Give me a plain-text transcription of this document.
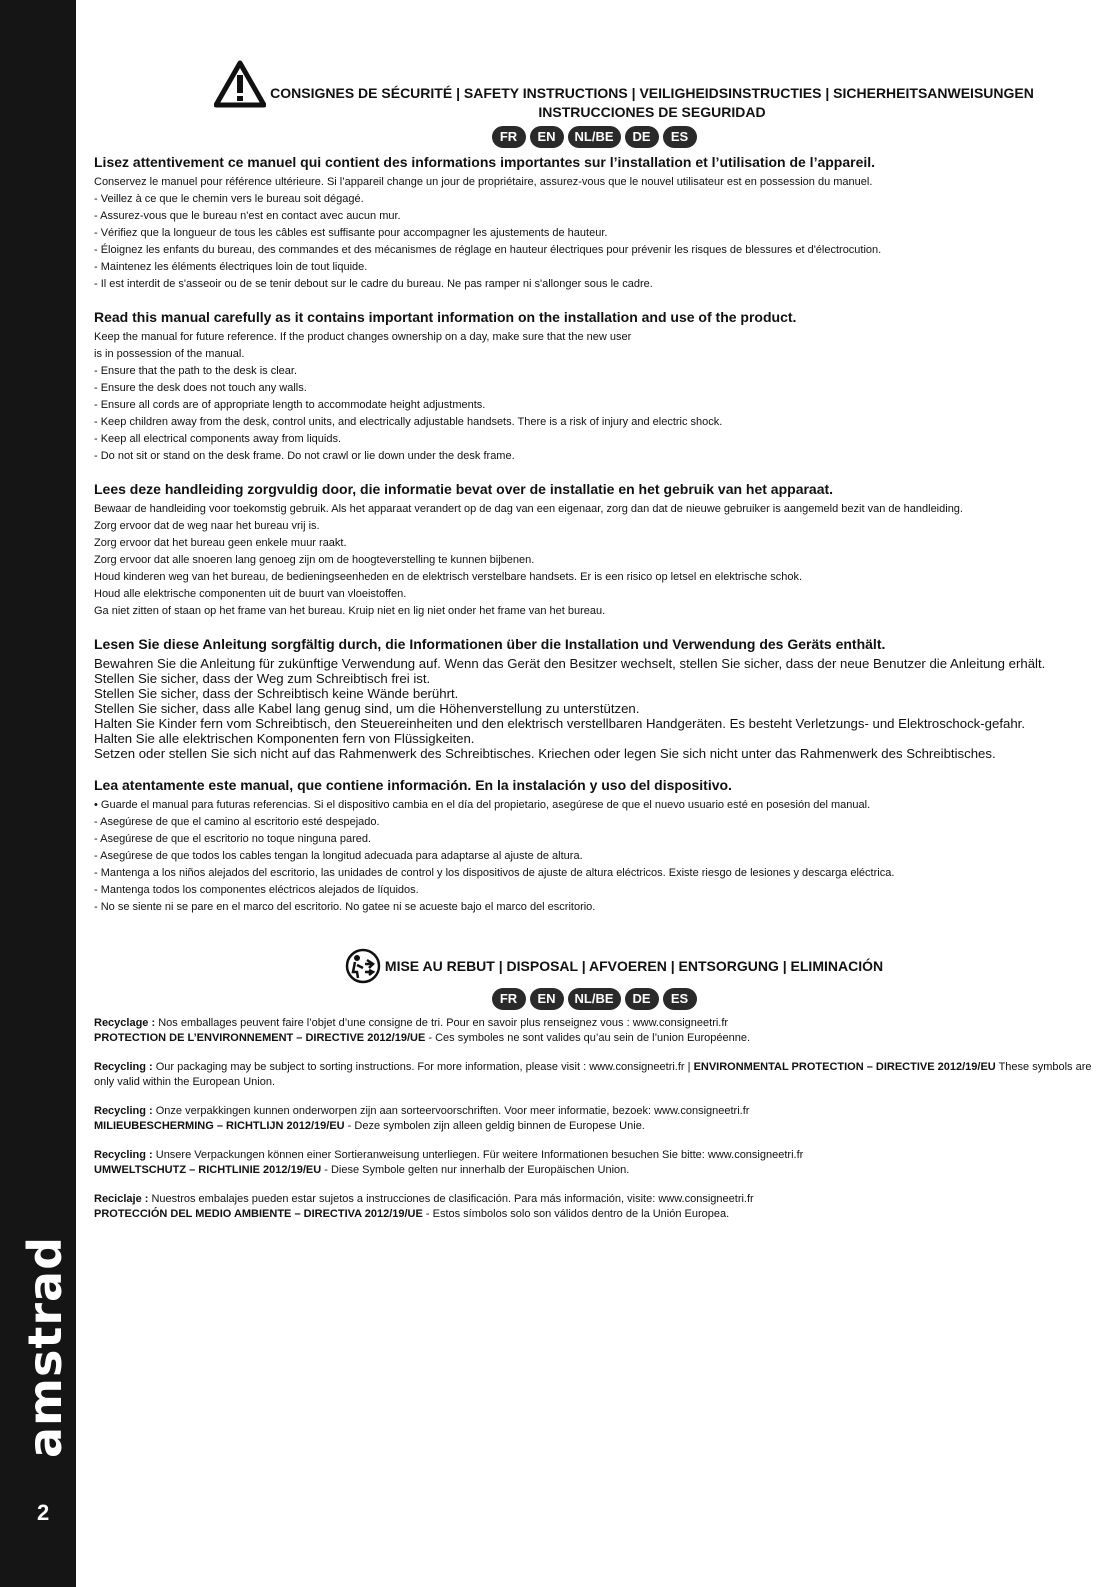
amstrad
2
CONSIGNES DE SÉCURITÉ | SAFETY INSTRUCTIONS | VEILIGHEIDSINSTRUCTIES | SICHERHEITSANWEISUNGEN
INSTRUCCIONES DE SEGURIDAD
FR	EN	NL/BE	DE	ES
Lisez attentivement ce manuel qui contient des informations importantes sur l’installation et l’utilisation de l’appareil.
Conservez le manuel pour référence ultérieure. Si l’appareil change un jour de propriétaire, assurez-vous que le nouvel utilisateur est en possession du manuel.
- Veillez à ce que le chemin vers le bureau soit dégagé.
- Assurez-vous que le bureau n'est en contact avec aucun mur.
- Vérifiez que la longueur de tous les câbles est suffisante pour accompagner les ajustements de hauteur.
- Éloignez les enfants du bureau, des commandes et des mécanismes de réglage en hauteur électriques pour prévenir les risques de blessures et d'électrocution.
- Maintenez les éléments électriques loin de tout liquide.
- Il est interdit de s'asseoir ou de se tenir debout sur le cadre du bureau. Ne pas ramper ni s'allonger sous le cadre.
Read this manual carefully as it contains important information on the installation and use of the product.
Keep the manual for future reference. If the product changes ownership on a day, make sure that the new user
is in possession of the manual.
- Ensure that the path to the desk is clear.
- Ensure the desk does not touch any walls.
- Ensure all cords are of appropriate length to accommodate height adjustments.
- Keep children away from the desk, control units, and electrically adjustable handsets. There is a risk of injury and electric shock.
- Keep all electrical components away from liquids.
- Do not sit or stand on the desk frame. Do not crawl or lie down under the desk frame.
Lees deze handleiding zorgvuldig door, die informatie bevat over de installatie en het gebruik van het apparaat.
Bewaar de handleiding voor toekomstig gebruik. Als het apparaat verandert op de dag van een eigenaar, zorg dan dat de nieuwe gebruiker is aangemeld bezit van de handleiding.
Zorg ervoor dat de weg naar het bureau vrij is.
Zorg ervoor dat het bureau geen enkele muur raakt.
Zorg ervoor dat alle snoeren lang genoeg zijn om de hoogteverstelling te kunnen bijbenen.
Houd kinderen weg van het bureau, de bedieningseenheden en de elektrisch verstelbare handsets. Er is een risico op letsel en elektrische schok.
Houd alle elektrische componenten uit de buurt van vloeistoffen.
Ga niet zitten of staan op het frame van het bureau. Kruip niet en lig niet onder het frame van het bureau.
Lesen Sie diese Anleitung sorgfältig durch, die Informationen über die Installation und Verwendung des Geräts enthält.
Bewahren Sie die Anleitung für zukünftige Verwendung auf. Wenn das Gerät den Besitzer wechselt, stellen Sie sicher, dass der neue Benutzer die Anleitung erhält.
Stellen Sie sicher, dass der Weg zum Schreibtisch frei ist.
Stellen Sie sicher, dass der Schreibtisch keine Wände berührt.
Stellen Sie sicher, dass alle Kabel lang genug sind, um die Höhenverstellung zu unterstützen.
Halten Sie Kinder fern vom Schreibtisch, den Steuereinheiten und den elektrisch verstellbaren Handgeräten. Es besteht Verletzungs- und Elektroschock-gefahr.
Halten Sie alle elektrischen Komponenten fern von Flüssigkeiten.
Setzen oder stellen Sie sich nicht auf das Rahmenwerk des Schreibtisches. Kriechen oder legen Sie sich nicht unter das Rahmenwerk des Schreibtisches.
Lea atentamente este manual, que contiene información. En la instalación y uso del dispositivo.
• Guarde el manual para futuras referencias. Si el dispositivo cambia en el día del propietario, asegúrese de que el nuevo usuario esté en posesión del manual.
- Asegúrese de que el camino al escritorio esté despejado.
- Asegúrese de que el escritorio no toque ninguna pared.
- Asegúrese de que todos los cables tengan la longitud adecuada para adaptarse al ajuste de altura.
- Mantenga a los niños alejados del escritorio, las unidades de control y los dispositivos de ajuste de altura eléctricos. Existe riesgo de lesiones y descarga eléctrica.
- Mantenga todos los componentes eléctricos alejados de líquidos.
- No se siente ni se pare en el marco del escritorio. No gatee ni se acueste bajo el marco del escritorio.
MISE AU REBUT | DISPOSAL | AFVOEREN | ENTSORGUNG | ELIMINACIÓN
FR	EN	NL/BE	DE	ES
Recyclage : Nos emballages peuvent faire l’objet d’une consigne de tri. Pour en savoir plus renseignez vous : www.consigneetri.fr
PROTECTION DE L’ENVIRONNEMENT – DIRECTIVE 2012/19/UE - Ces symboles ne sont valides qu’au sein de l’union Européenne.
Recycling : Our packaging may be subject to sorting instructions. For more information, please visit : www.consigneetri.fr | ENVIRONMENTAL PROTECTION – DIRECTIVE 2012/19/EU These symbols are only valid within the European Union.
Recycling : Onze verpakkingen kunnen onderworpen zijn aan sorteervoorschriften. Voor meer informatie, bezoek: www.consigneetri.fr
MILIEUBESCHERMING – RICHTLIJN 2012/19/EU - Deze symbolen zijn alleen geldig binnen de Europese Unie.
Recycling : Unsere Verpackungen können einer Sortieranweisung unterliegen. Für weitere Informationen besuchen Sie bitte: www.consigneetri.fr
UMWELTSCHUTZ – RICHTLINIE 2012/19/EU - Diese Symbole gelten nur innerhalb der Europäischen Union.
Reciclaje : Nuestros embalajes pueden estar sujetos a instrucciones de clasificación. Para más información, visite: www.consigneetri.fr
PROTECCIÓN DEL MEDIO AMBIENTE – DIRECTIVA 2012/19/UE - Estos símbolos solo son válidos dentro de la Unión Europea.
